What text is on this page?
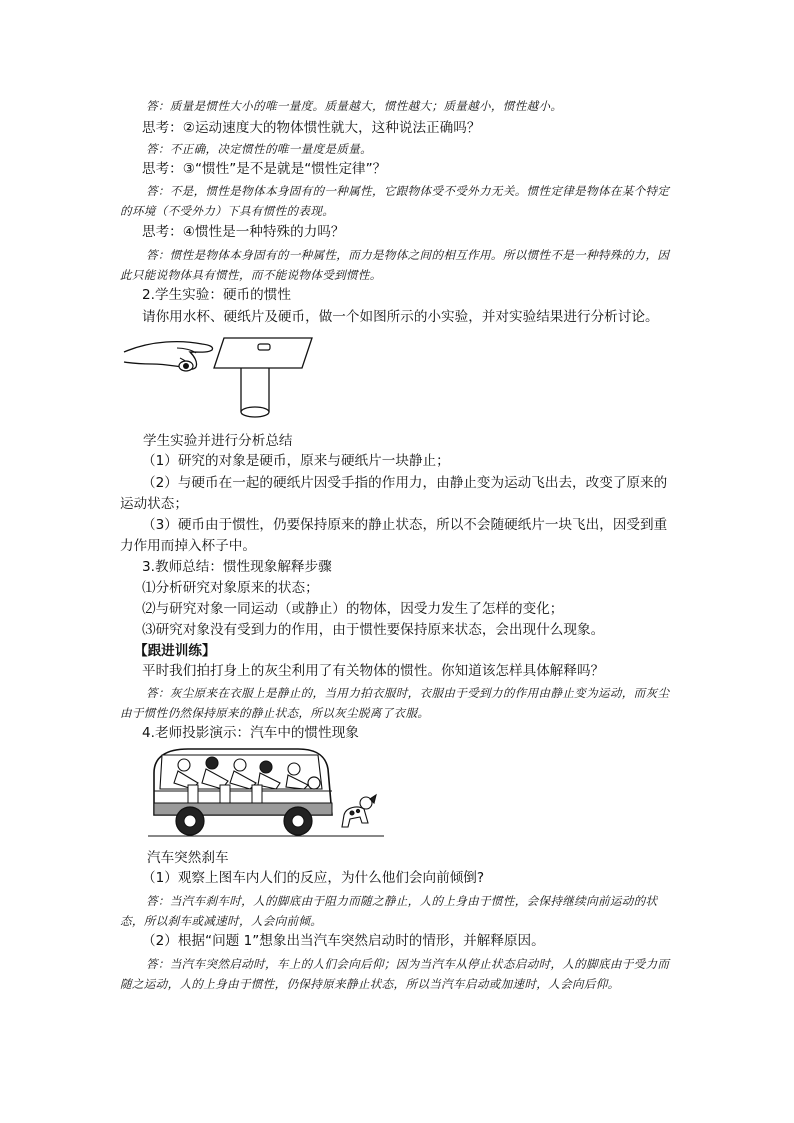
答：质量是惯性大小的唯一量度。质量越大，惯性越大；质量越小，惯性越小。

思考：②运动速度大的物体惯性就大，这种说法正确吗？

答：不正确，决定惯性的唯一量度是质量。

思考：③“惯性”是不是就是“惯性定律”？

答：不是，惯性是物体本身固有的一种属性，它跟物体受不受外力无关。惯性定律是物体在某个特定的环境（不受外力）下具有惯性的表现。

思考：④惯性是一种特殊的力吗？

答：惯性是物体本身固有的一种属性，而力是物体之间的相互作用。所以惯性不是一种特殊的力，因此只能说物体具有惯性，而不能说物体受到惯性。

2.学生实验：硬币的惯性

请你用水杯、硬纸片及硬币，做一个如图所示的小实验，并对实验结果进行分析讨论。

学生实验并进行分析总结

（1）研究的对象是硬币，原来与硬纸片一块静止；

（2）与硬币在一起的硬纸片因受手指的作用力，由静止变为运动飞出去，改变了原来的运动状态；

（3）硬币由于惯性，仍要保持原来的静止状态，所以不会随硬纸片一块飞出，因受到重力作用而掉入杯子中。

3.教师总结：惯性现象解释步骤

⑴分析研究对象原来的状态；

⑵与研究对象一同运动（或静止）的物体，因受力发生了怎样的变化；

⑶研究对象没有受到力的作用，由于惯性要保持原来状态，会出现什么现象。

【跟进训练】

平时我们拍打身上的灰尘利用了有关物体的惯性。你知道该怎样具体解释吗？

答：灰尘原来在衣服上是静止的，当用力拍衣服时，衣服由于受到力的作用由静止变为运动，而灰尘由于惯性仍然保持原来的静止状态，所以灰尘脱离了衣服。

4.老师投影演示：汽车中的惯性现象

汽车突然刹车

（1）观察上图车内人们的反应，为什么他们会向前倾倒?

答：当汽车刹车时，人的脚底由于阻力而随之静止，人的上身由于惯性，会保持继续向前运动的状态，所以刹车或减速时，人会向前倾。

（2）根据“问题 1”想象出当汽车突然启动时的情形，并解释原因。

答：当汽车突然启动时，车上的人们会向后仰；因为当汽车从停止状态启动时，人的脚底由于受力而随之运动，人的上身由于惯性，仍保持原来静止状态，所以当汽车启动或加速时，人会向后仰。
